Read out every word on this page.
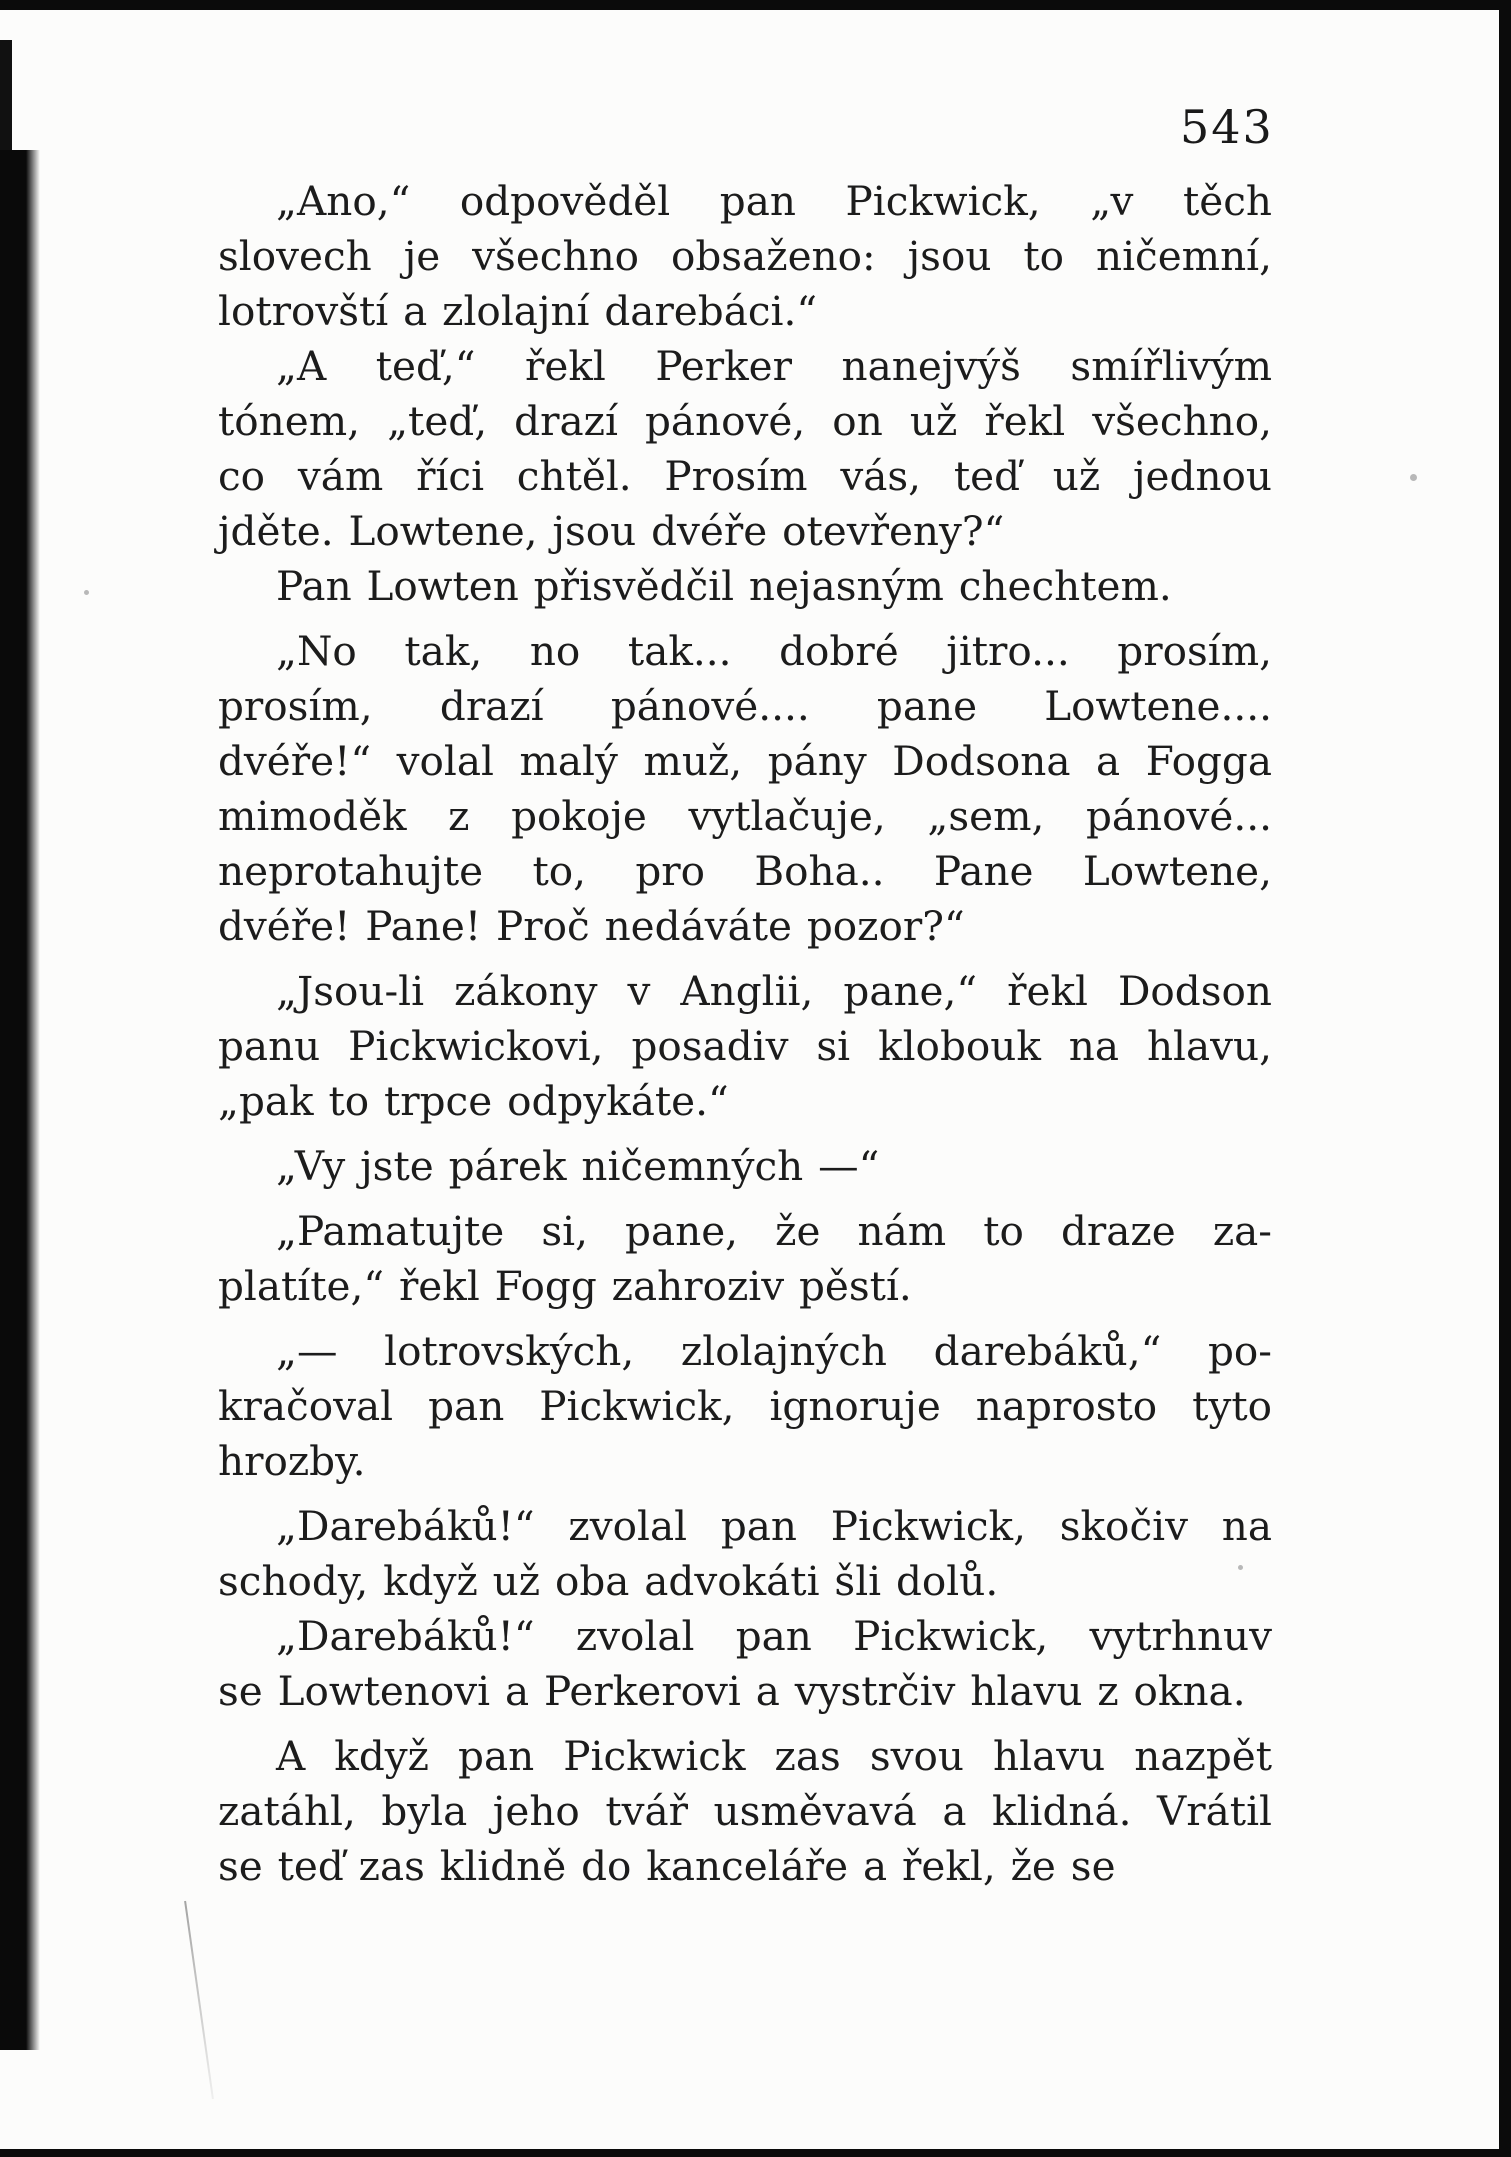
543
„Ano,“ odpověděl pan Pickwick, „v těch
slovech je všechno obsaženo: jsou to ničemní,
lotrovští a zlolajní darebáci.“
„A teď,“ řekl Perker nanejvýš smířlivým
tónem, „teď, drazí pánové, on už řekl všechno,
co vám říci chtěl. Prosím vás, teď už jednou
jděte. Lowtene, jsou dvéře otevřeny?“
Pan Lowten přisvědčil nejasným chechtem.
„No tak, no tak... dobré jitro... prosím,
prosím, drazí pánové.... pane Lowtene....
dvéře!“ volal malý muž, pány Dodsona a Fogga
mimoděk z pokoje vytlačuje, „sem, pánové...
neprotahujte to, pro Boha.. Pane Lowtene,
dvéře! Pane! Proč nedáváte pozor?“
„Jsou-li zákony v Anglii, pane,“ řekl Dodson
panu Pickwickovi, posadiv si klobouk na hlavu,
„pak to trpce odpykáte.“
„Vy jste párek ničemných —“
„Pamatujte si, pane, že nám to draze za-
platíte,“ řekl Fogg zahroziv pěstí.
„— lotrovských, zlolajných darebáků,“ po-
kračoval pan Pickwick, ignoruje naprosto tyto
hrozby.
„Darebáků!“ zvolal pan Pickwick, skočiv na
schody, když už oba advokáti šli dolů.
„Darebáků!“ zvolal pan Pickwick, vytrhnuv
se Lowtenovi a Perkerovi a vystrčiv hlavu z okna.
A když pan Pickwick zas svou hlavu nazpět
zatáhl, byla jeho tvář usměvavá a klidná. Vrátil
se teď zas klidně do kanceláře a řekl, že se
